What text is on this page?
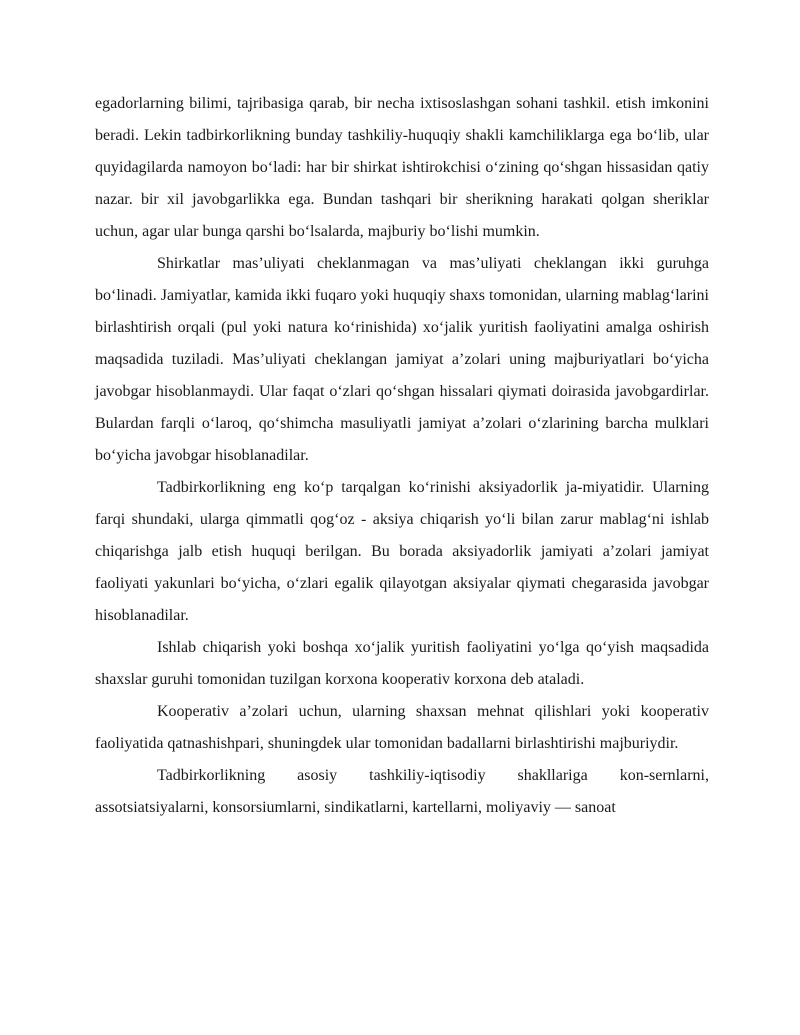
egadorlarning bilimi, tajribasiga qarab, bir necha ixtisoslashgan sohani tashkil. etish imkonini beradi. Lekin tadbirkorlikning bunday tashkiliy-huquqiy shakli kamchiliklarga ega bo‘lib, ular quyidagilarda namoyon bo‘ladi: har bir shirkat ishtirokchisi o‘zining qo‘shgan hissasidan qatiy nazar. bir xil javobgarlikka ega. Bundan tashqari bir sherikning harakati qolgan sheriklar uchun, agar ular bunga qarshi bo‘lsalarda, majburiy bo‘lishi mumkin.

Shirkatlar mas’uliyati cheklanmagan va mas’uliyati cheklangan ikki guruhga bo‘linadi. Jamiyatlar, kamida ikki fuqaro yoki huquqiy shaxs tomonidan, ularning mablag‘larini birlashtirish orqali (pul yoki natura ko‘rinishida) xo‘jalik yuritish faoliyatini amalga oshirish maqsadida tuziladi. Mas’uliyati cheklangan jamiyat a’zolari uning majburiyatlari bo‘yicha javobgar hisoblanmaydi. Ular faqat o‘zlari qo‘shgan hissalari qiymati doirasida javobgardirlar. Bulardan farqli o‘laroq, qo‘shimcha masuliyatli jamiyat a’zolari o‘zlarining barcha mulklari bo‘yicha javobgar hisoblanadilar.

Tadbirkorlikning eng ko‘p tarqalgan ko‘rinishi aksiyadorlik ja-miyatidir. Ularning farqi shundaki, ularga qimmatli qog‘oz - aksiya chiqarish yo‘li bilan zarur mablag‘ni ishlab chiqarishga jalb etish huquqi berilgan. Bu borada aksiyadorlik jamiyati a’zolari jamiyat faoliyati yakunlari bo‘yicha, o‘zlari egalik qilayotgan aksiyalar qiymati chegarasida javobgar hisoblanadilar.

Ishlab chiqarish yoki boshqa xo‘jalik yuritish faoliyatini yo‘lga qo‘yish maqsadida shaxslar guruhi tomonidan tuzilgan korxona kooperativ korxona deb ataladi.

Kooperativ a’zolari uchun, ularning shaxsan mehnat qilishlari yoki kooperativ faoliyatida qatnashishpari, shuningdek ular tomonidan badallarni birlashtirishi majburiydir.

Tadbirkorlikning asosiy tashkiliy-iqtisodiy shakllariga kon-sernlarni, assotsiatsiyalarni, konsorsiumlarni, sindikatlarni, kartellarni, moliyaviy — sanoat
